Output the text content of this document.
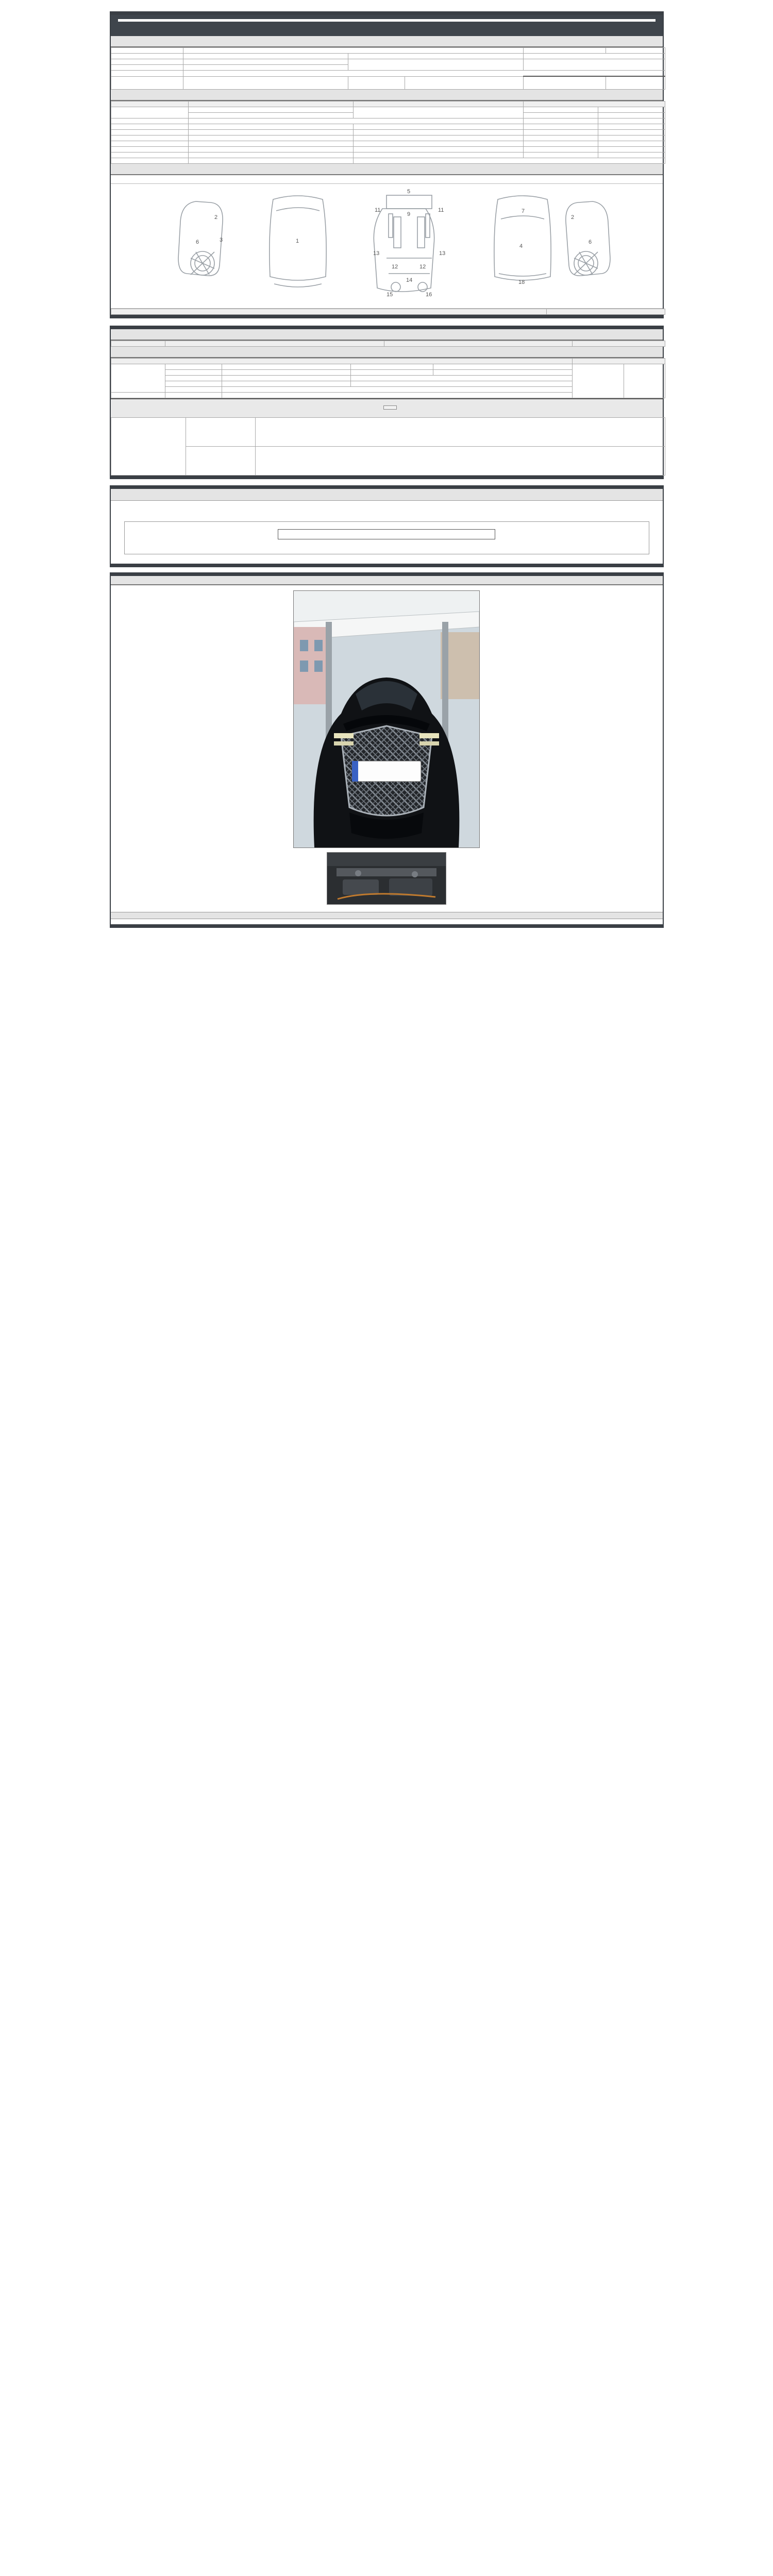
2
3
6	1
5
9
11	11
13	13
12	12
14
15	16
7
4
18
2
6
